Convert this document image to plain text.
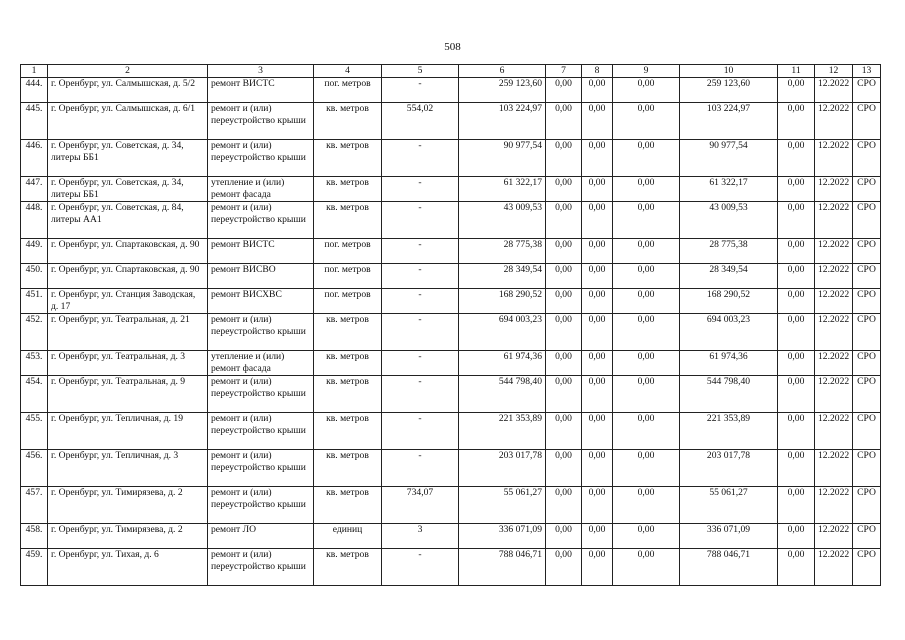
508
1	2	3	4	5	6	7	8	9	10	11	12	13
444.	г. Оренбург, ул. Салмышская, д. 5/2	ремонт ВИСТС	пог. метров	-	259 123,60	0,00	0,00	0,00	259 123,60	0,00	12.2022	СРО
445.	г. Оренбург, ул. Салмышская, д. 6/1	ремонт и (или) переустройство крыши	кв. метров	554,02	103 224,97	0,00	0,00	0,00	103 224,97	0,00	12.2022	СРО
446.	г. Оренбург, ул. Советская, д. 34, литеры ББ1	ремонт и (или) переустройство крыши	кв. метров	-	90 977,54	0,00	0,00	0,00	90 977,54	0,00	12.2022	СРО
447.	г. Оренбург, ул. Советская, д. 34, литеры ББ1	утепление и (или) ремонт фасада	кв. метров	-	61 322,17	0,00	0,00	0,00	61 322,17	0,00	12.2022	СРО
448.	г. Оренбург, ул. Советская, д. 84, литеры АА1	ремонт и (или) переустройство крыши	кв. метров	-	43 009,53	0,00	0,00	0,00	43 009,53	0,00	12.2022	СРО
449.	г. Оренбург, ул. Спартаковская, д. 90	ремонт ВИСТС	пог. метров	-	28 775,38	0,00	0,00	0,00	28 775,38	0,00	12.2022	СРО
450.	г. Оренбург, ул. Спартаковская, д. 90	ремонт ВИСВО	пог. метров	-	28 349,54	0,00	0,00	0,00	28 349,54	0,00	12.2022	СРО
451.	г. Оренбург, ул. Станция Заводская, д. 17	ремонт ВИСХВС	пог. метров	-	168 290,52	0,00	0,00	0,00	168 290,52	0,00	12.2022	СРО
452.	г. Оренбург, ул. Театральная, д. 21	ремонт и (или) переустройство крыши	кв. метров	-	694 003,23	0,00	0,00	0,00	694 003,23	0,00	12.2022	СРО
453.	г. Оренбург, ул. Театральная, д. 3	утепление и (или) ремонт фасада	кв. метров	-	61 974,36	0,00	0,00	0,00	61 974,36	0,00	12.2022	СРО
454.	г. Оренбург, ул. Театральная, д. 9	ремонт и (или) переустройство крыши	кв. метров	-	544 798,40	0,00	0,00	0,00	544 798,40	0,00	12.2022	СРО
455.	г. Оренбург, ул. Тепличная, д. 19	ремонт и (или) переустройство крыши	кв. метров	-	221 353,89	0,00	0,00	0,00	221 353,89	0,00	12.2022	СРО
456.	г. Оренбург, ул. Тепличная, д. 3	ремонт и (или) переустройство крыши	кв. метров	-	203 017,78	0,00	0,00	0,00	203 017,78	0,00	12.2022	СРО
457.	г. Оренбург, ул. Тимирязева, д. 2	ремонт и (или) переустройство крыши	кв. метров	734,07	55 061,27	0,00	0,00	0,00	55 061,27	0,00	12.2022	СРО
458.	г. Оренбург, ул. Тимирязева, д. 2	ремонт ЛО	единиц	3	336 071,09	0,00	0,00	0,00	336 071,09	0,00	12.2022	СРО
459.	г. Оренбург, ул. Тихая, д. 6	ремонт и (или) переустройство крыши	кв. метров	-	788 046,71	0,00	0,00	0,00	788 046,71	0,00	12.2022	СРО
